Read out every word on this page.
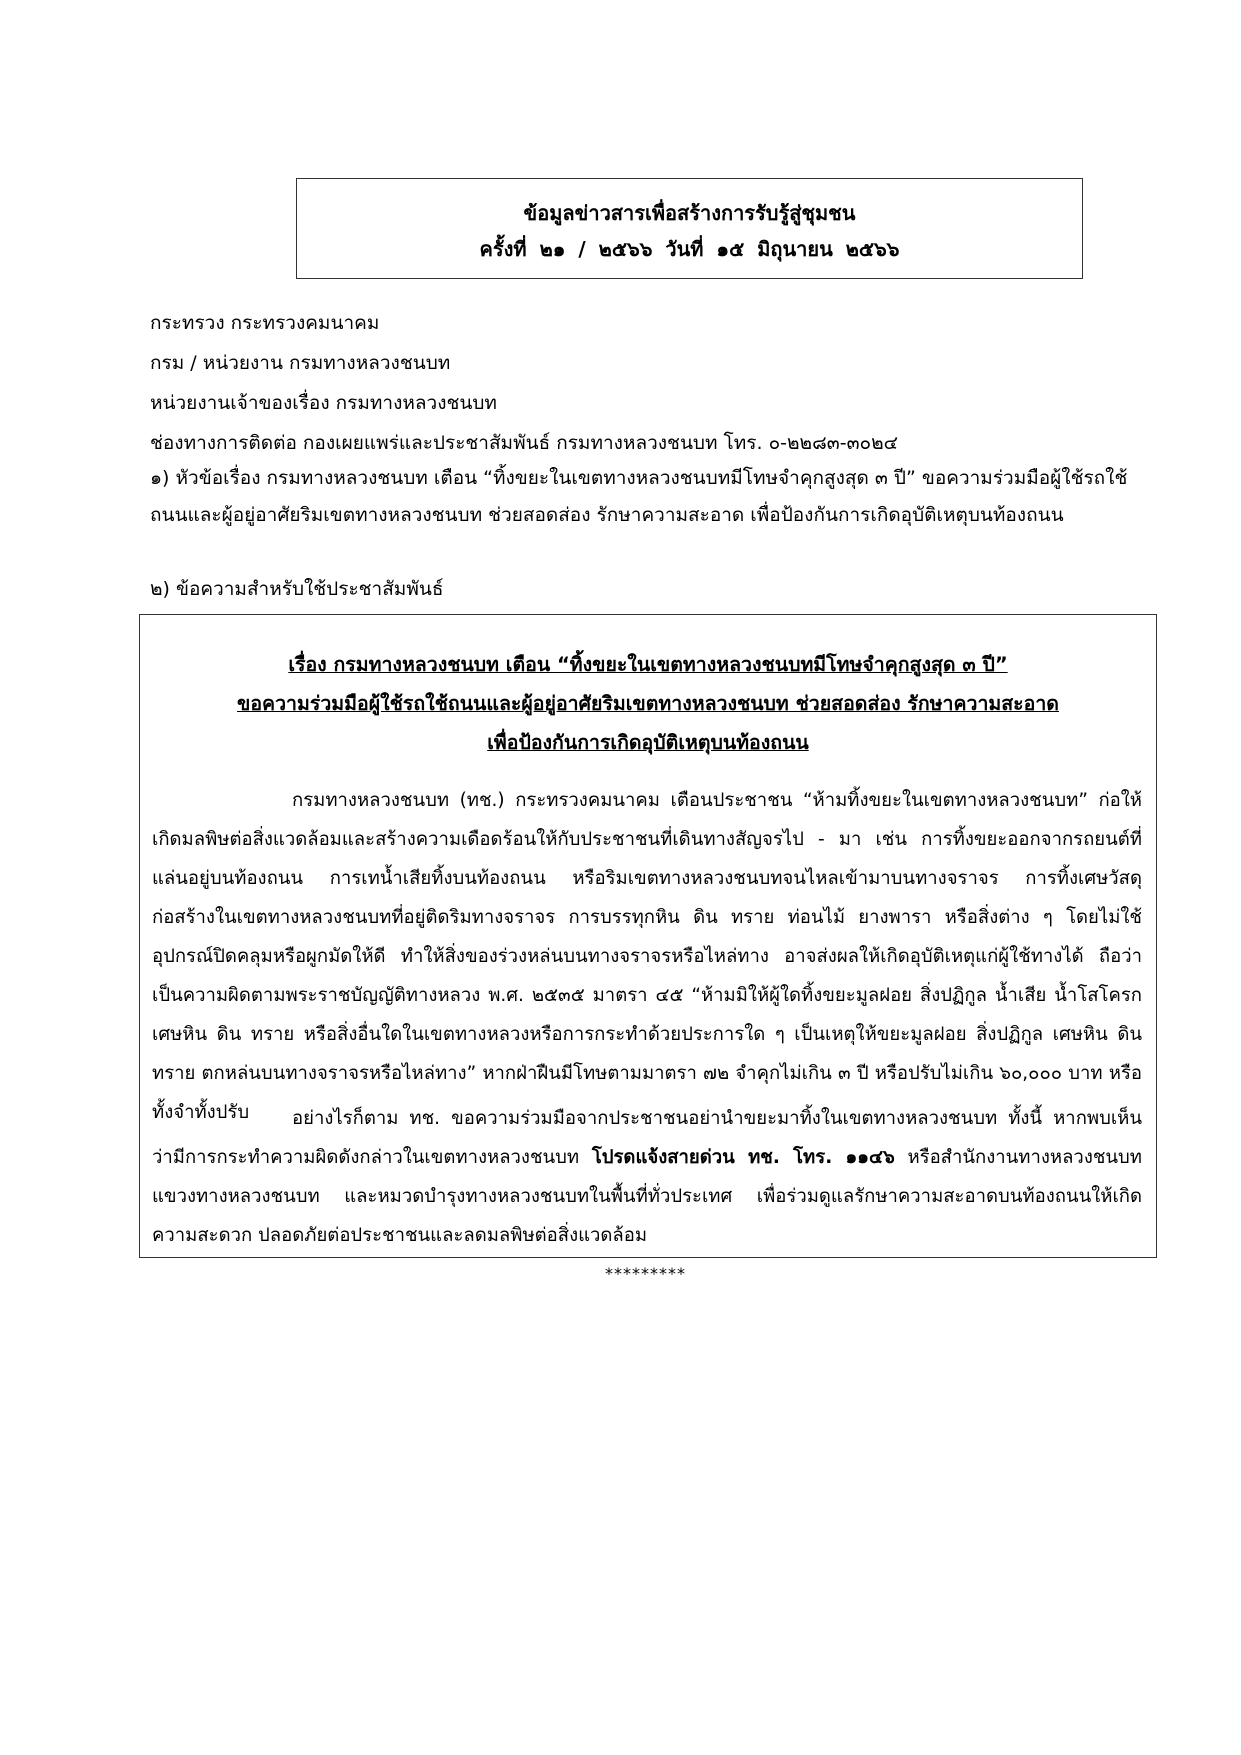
ข้อมูลข่าวสารเพื่อสร้างการรับรู้สู่ชุมชน
ครั้งที่ ๒๑ / ๒๕๖๖ วันที่ ๑๕ มิถุนายน ๒๕๖๖
กระทรวง กระทรวงคมนาคม
กรม / หน่วยงาน กรมทางหลวงชนบท
หน่วยงานเจ้าของเรื่อง กรมทางหลวงชนบท
ช่องทางการติดต่อ กองเผยแพร่และประชาสัมพันธ์ กรมทางหลวงชนบท โทร. ๐-๒๒๘๓-๓๐๒๔
๑) หัวข้อเรื่อง กรมทางหลวงชนบท เตือน “ทิ้งขยะในเขตทางหลวงชนบทมีโทษจำคุกสูงสุด ๓ ปี” ขอความร่วมมือผู้ใช้รถใช้ถนนและผู้อยู่อาศัยริมเขตทางหลวงชนบท ช่วยสอดส่อง รักษาความสะอาด เพื่อป้องกันการเกิดอุบัติเหตุบนท้องถนน
๒) ข้อความสำหรับใช้ประชาสัมพันธ์
เรื่อง กรมทางหลวงชนบท เตือน “ทิ้งขยะในเขตทางหลวงชนบทมีโทษจำคุกสูงสุด ๓ ปี”
ขอความร่วมมือผู้ใช้รถใช้ถนนและผู้อยู่อาศัยริมเขตทางหลวงชนบท ช่วยสอดส่อง รักษาความสะอาด
เพื่อป้องกันการเกิดอุบัติเหตุบนท้องถนน
กรมทางหลวงชนบท (ทช.) กระทรวงคมนาคม เตือนประชาชน “ห้ามทิ้งขยะในเขตทางหลวงชนบท” ก่อให้เกิดมลพิษต่อสิ่งแวดล้อมและสร้างความเดือดร้อนให้กับประชาชนที่เดินทางสัญจรไป - มา เช่น การทิ้งขยะออกจากรถยนต์ที่แล่นอยู่บนท้องถนน การเทน้ำเสียทิ้งบนท้องถนน หรือริมเขตทางหลวงชนบทจนไหลเข้ามาบนทางจราจร การทิ้งเศษวัสดุก่อสร้างในเขตทางหลวงชนบทที่อยู่ติดริมทางจราจร การบรรทุกหิน ดิน ทราย ท่อนไม้ ยางพารา หรือสิ่งต่าง ๆ โดยไม่ใช้อุปกรณ์ปิดคลุมหรือผูกมัดให้ดี ทำให้สิ่งของร่วงหล่นบนทางจราจรหรือไหล่ทาง อาจส่งผลให้เกิดอุบัติเหตุแก่ผู้ใช้ทางได้ ถือว่าเป็นความผิดตามพระราชบัญญัติทางหลวง พ.ศ. ๒๕๓๕ มาตรา ๔๕ “ห้ามมิให้ผู้ใดทิ้งขยะมูลฝอย สิ่งปฏิกูล น้ำเสีย น้ำโสโครก เศษหิน ดิน ทราย หรือสิ่งอื่นใดในเขตทางหลวงหรือการกระทำด้วยประการใด ๆ เป็นเหตุให้ขยะมูลฝอย สิ่งปฏิกูล เศษหิน ดิน ทราย ตกหล่นบนทางจราจรหรือไหล่ทาง” หากฝ่าฝืนมีโทษตามมาตรา ๗๒ จำคุกไม่เกิน ๓ ปี หรือปรับไม่เกิน ๖๐,๐๐๐ บาท หรือทั้งจำทั้งปรับ	อย่างไรก็ตาม ทช. ขอความร่วมมือจากประชาชนอย่านำขยะมาทิ้งในเขตทางหลวงชนบท ทั้งนี้ หากพบเห็นว่ามีการกระทำความผิดดังกล่าวในเขตทางหลวงชนบท โปรดแจ้งสายด่วน ทช. โทร. ๑๑๔๖ หรือสำนักงานทางหลวงชนบท แขวงทางหลวงชนบท และหมวดบำรุงทางหลวงชนบทในพื้นที่ทั่วประเทศ เพื่อร่วมดูแลรักษาความสะอาดบนท้องถนนให้เกิดความสะดวก ปลอดภัยต่อประชาชนและลดมลพิษต่อสิ่งแวดล้อม
*********
